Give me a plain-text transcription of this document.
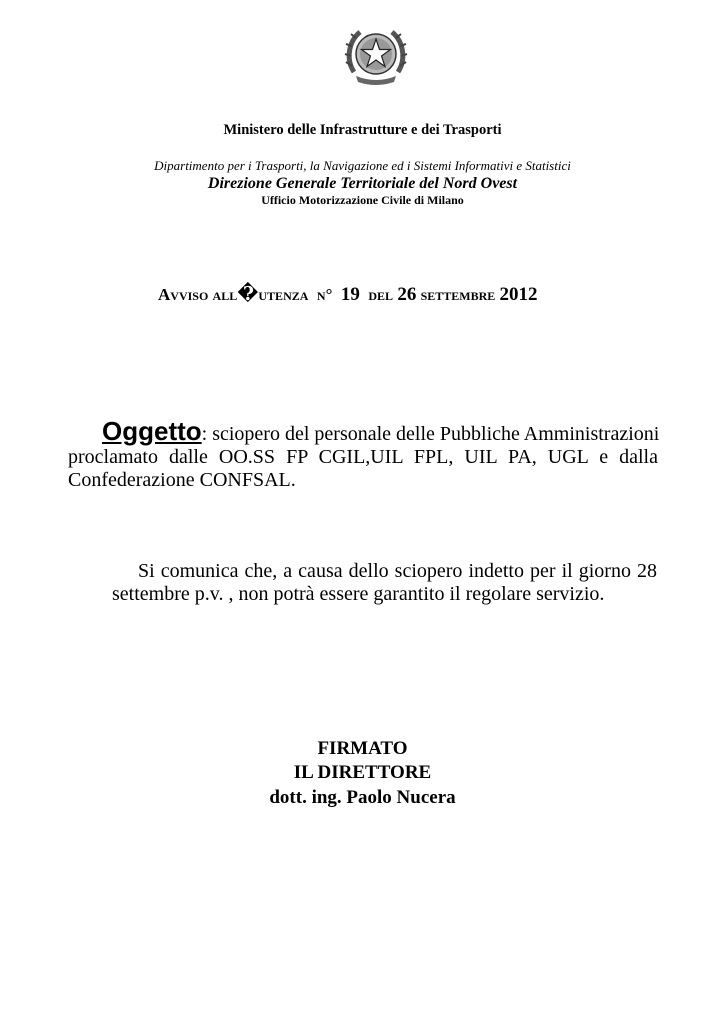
Ministero delle Infrastrutture e dei Trasporti
Dipartimento per i Trasporti, la Navigazione ed i Sistemi Informativi e Statistici
Direzione Generale Territoriale del Nord Ovest
Ufficio Motorizzazione Civile di Milano
Avviso all�utenza n° 19 del 26 settembre 2012
Oggetto: sciopero del personale delle Pubbliche Amministrazioni
proclamato dalle OO.SS FP CGIL,UIL FPL, UIL PA, UGL e dalla
Confederazione CONFSAL.
Si comunica che, a causa dello sciopero indetto per il giorno 28
settembre p.v. , non potrà essere garantito il regolare servizio.
FIRMATO
IL DIRETTORE
dott. ing. Paolo Nucera
